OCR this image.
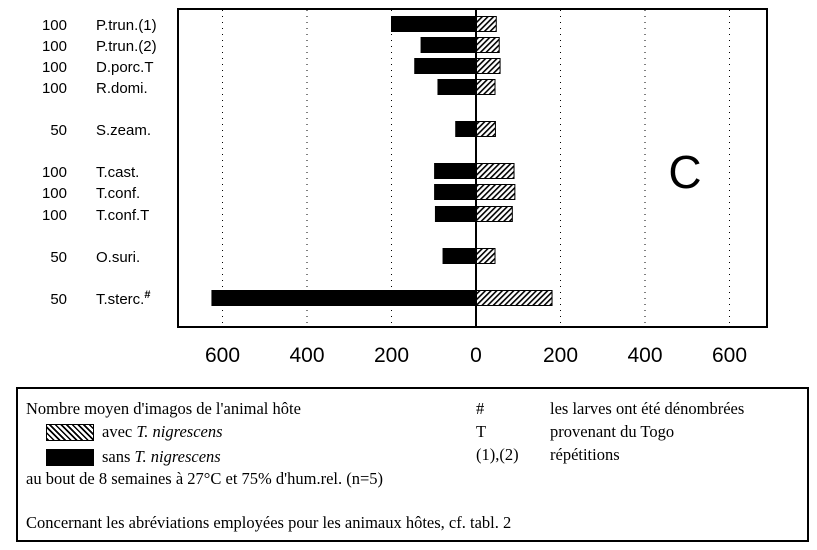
100 P.trun.(1)
100 P.trun.(2)
100 D.porc.T
100 R.domi.
50 S.zeam.
100 T.cast.
100 T.conf.
100 T.conf.T
50 O.suri.
50 T.sterc.#
600 400 200	0	200 400 600
C
Nombre moyen d'imagos de l'animal hôte
avec T. nigrescens
sans T. nigrescens
au bout de 8 semaines à 27°C et 75% d'hum.rel. (n=5)
Concernant les abréviations employées pour les animaux hôtes, cf. tabl. 2
#	les larves ont été dénombrées
T	provenant du Togo
(1),(2) répétitions
